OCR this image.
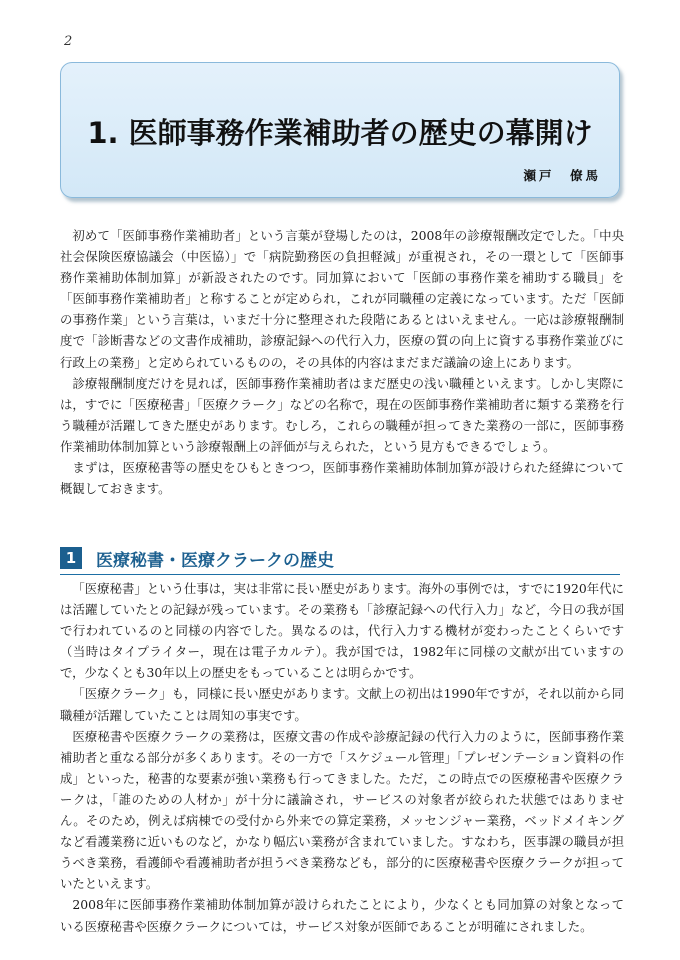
2
1. 医師事務作業補助者の歴史の幕開け
瀬戸　僚馬

初めて「医師事務作業補助者」という言葉が登場したのは，2008年の診療報酬改定でした。「中央社会保険医療協議会（中医協）」で「病院勤務医の負担軽減」が重視され，その一環として「医師事務作業補助体制加算」が新設されたのです。同加算において「医師の事務作業を補助する職員」を「医師事務作業補助者」と称することが定められ，これが同職種の定義になっています。ただ「医師の事務作業」という言葉は，いまだ十分に整理された段階にあるとはいえません。一応は診療報酬制度で「診断書などの文書作成補助，診療記録への代行入力，医療の質の向上に資する事務作業並びに行政上の業務」と定められているものの，その具体的内容はまだまだ議論の途上にあります。

診療報酬制度だけを見れば，医師事務作業補助者はまだ歴史の浅い職種といえます。しかし実際には，すでに「医療秘書」「医療クラーク」などの名称で，現在の医師事務作業補助者に類する業務を行う職種が活躍してきた歴史があります。むしろ，これらの職種が担ってきた業務の一部に，医師事務作業補助体制加算という診療報酬上の評価が与えられた，という見方もできるでしょう。

まずは，医療秘書等の歴史をひもときつつ，医師事務作業補助体制加算が設けられた経緯について概観しておきます。

1	医療秘書・医療クラークの歴史

「医療秘書」という仕事は，実は非常に長い歴史があります。海外の事例では，すでに1920年代には活躍していたとの記録が残っています。その業務も「診療記録への代行入力」など，今日の我が国で行われているのと同様の内容でした。異なるのは，代行入力する機材が変わったことくらいです（当時はタイプライター，現在は電子カルテ）。我が国では，1982年に同様の文献が出ていますので，少なくとも30年以上の歴史をもっていることは明らかです。

「医療クラーク」も，同様に長い歴史があります。文献上の初出は1990年ですが，それ以前から同職種が活躍していたことは周知の事実です。

医療秘書や医療クラークの業務は，医療文書の作成や診療記録の代行入力のように，医師事務作業補助者と重なる部分が多くあります。その一方で「スケジュール管理」「プレゼンテーション資料の作成」といった，秘書的な要素が強い業務も行ってきました。ただ，この時点での医療秘書や医療クラークは，「誰のための人材か」が十分に議論され，サービスの対象者が絞られた状態ではありません。そのため，例えば病棟での受付から外来での算定業務，メッセンジャー業務，ベッドメイキングなど看護業務に近いものなど，かなり幅広い業務が含まれていました。すなわち，医事課の職員が担うべき業務，看護師や看護補助者が担うべき業務なども，部分的に医療秘書や医療クラークが担っていたといえます。

2008年に医師事務作業補助体制加算が設けられたことにより，少なくとも同加算の対象となっている医療秘書や医療クラークについては，サービス対象が医師であることが明確にされました。
